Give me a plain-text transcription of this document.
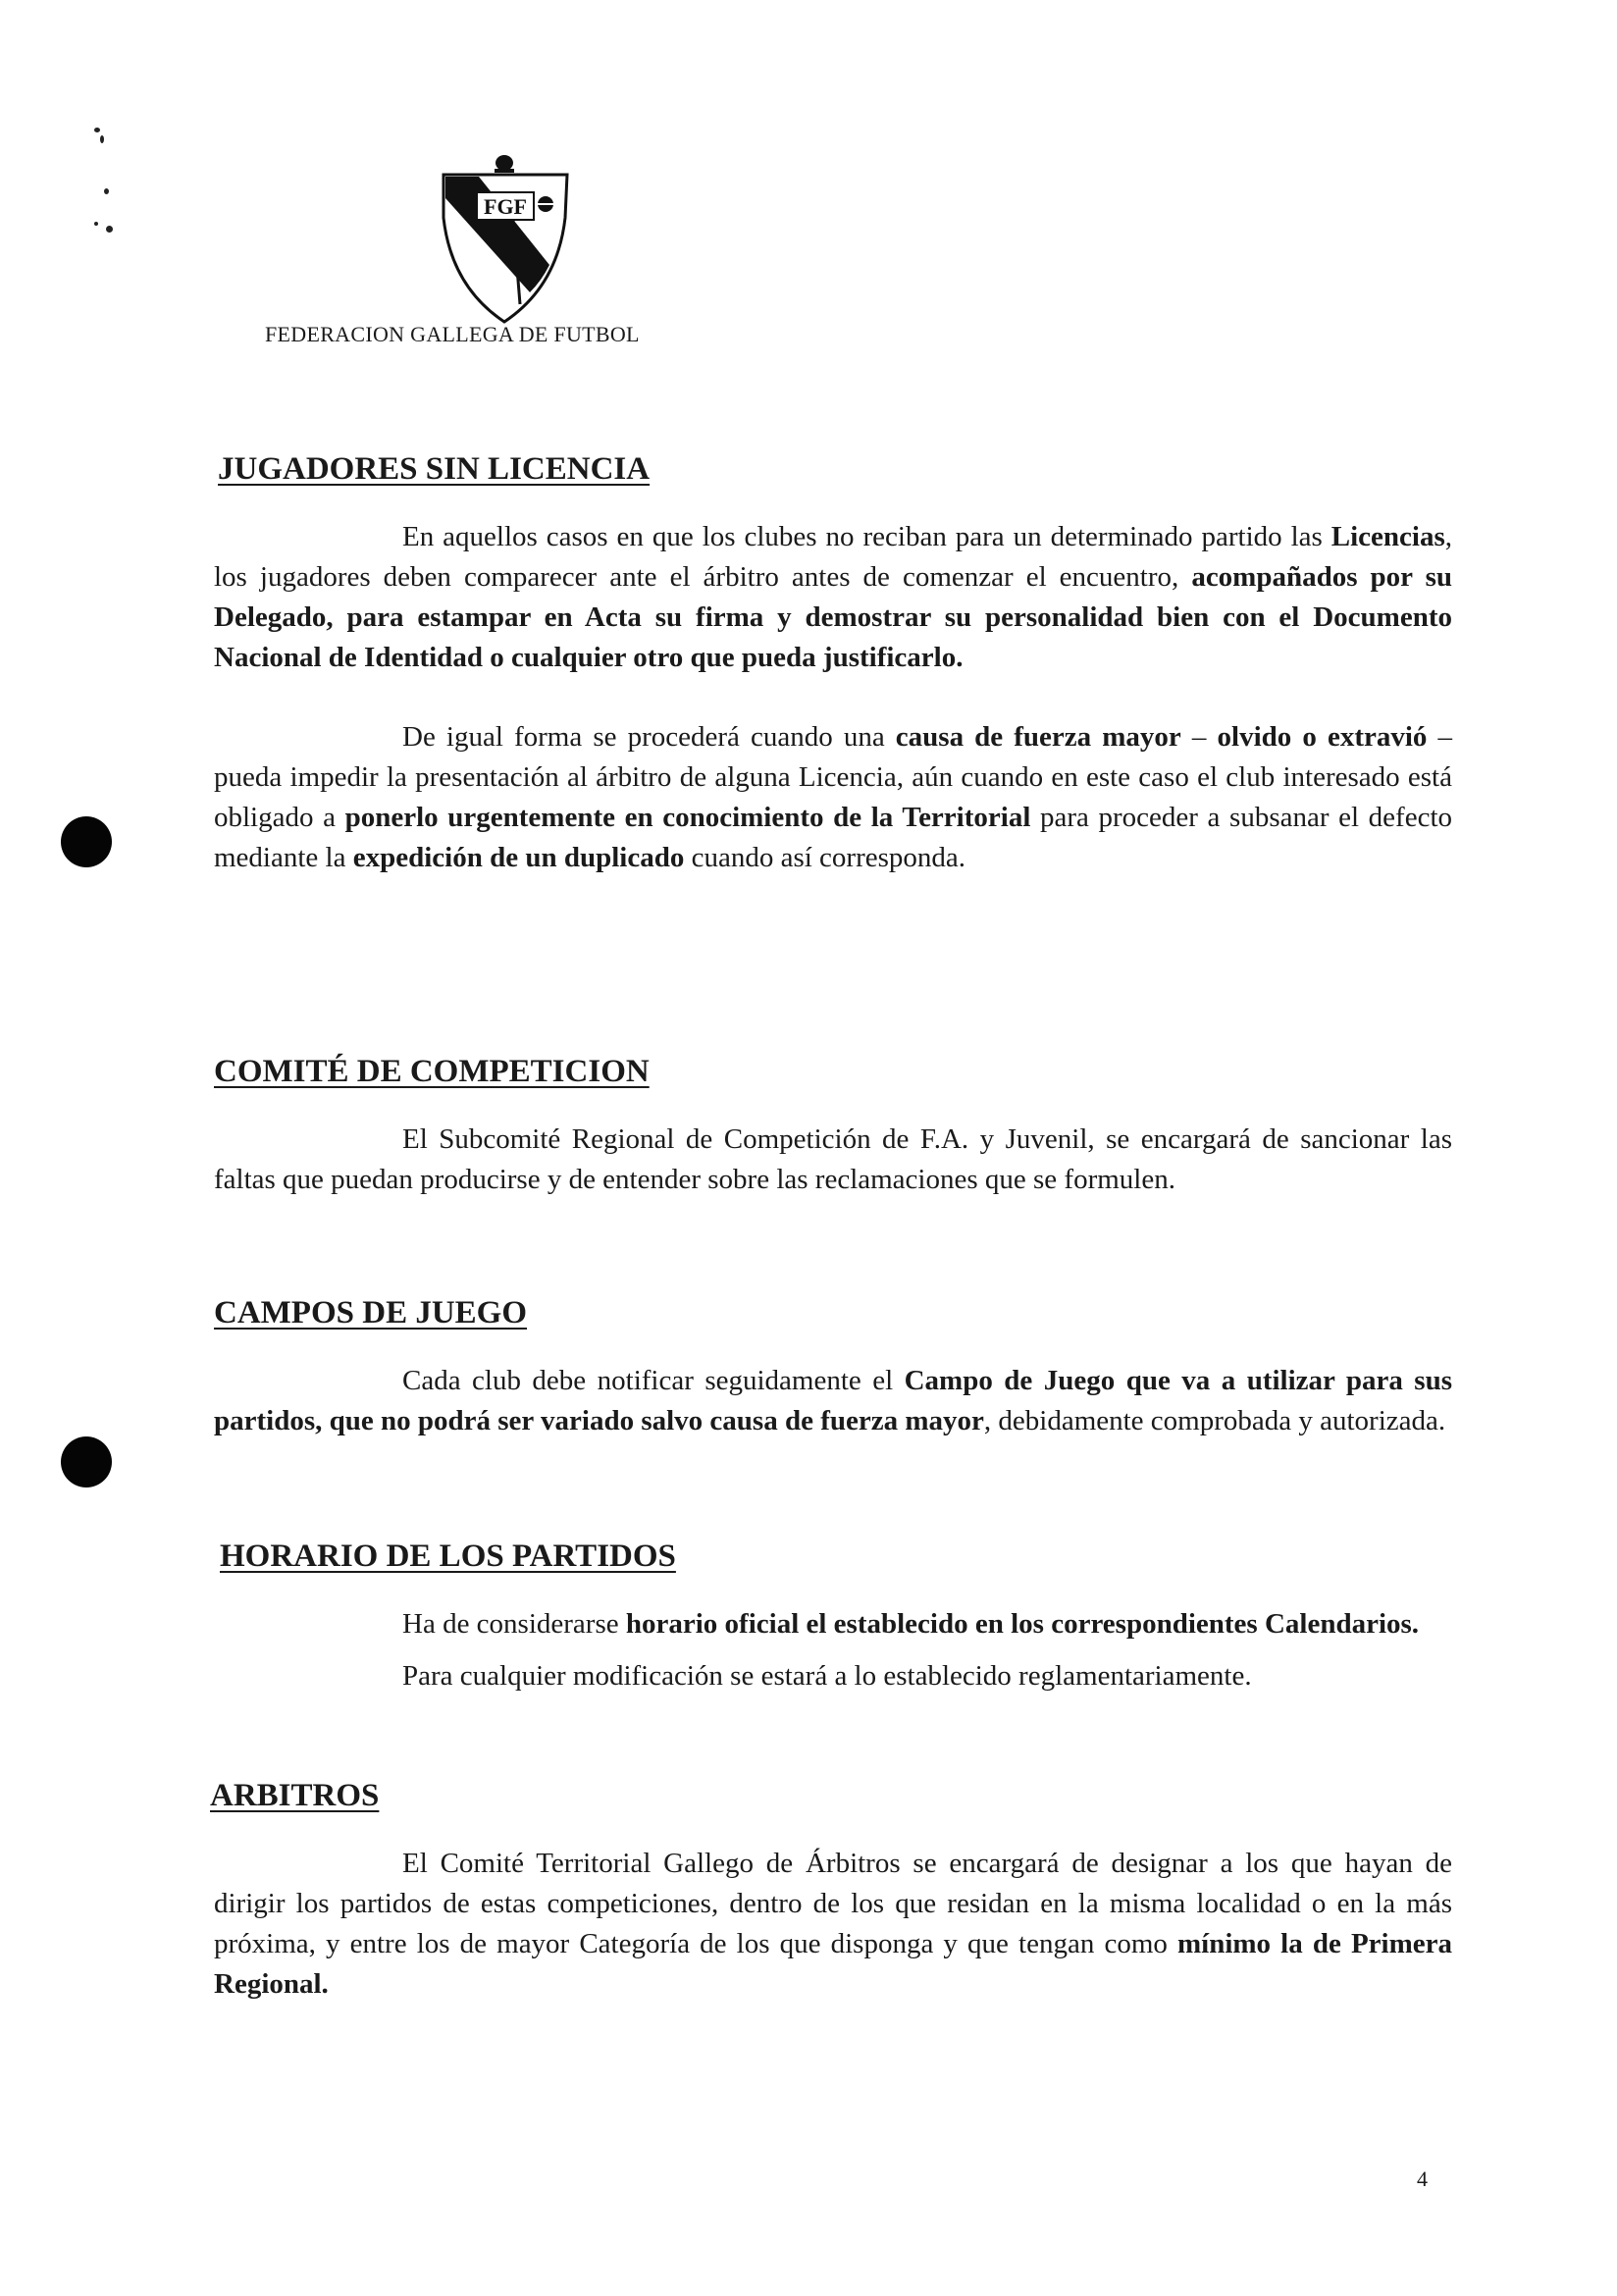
FGF
FEDERACION GALLEGA DE FUTBOL
JUGADORES SIN LICENCIA

En aquellos casos en que los clubes no reciban para un determinado partido las Licencias, los jugadores deben comparecer ante el árbitro antes de comenzar el encuentro, acompañados por su Delegado, para estampar en Acta su firma y demostrar su personalidad bien con el Documento Nacional de Identidad o cualquier otro que pueda justificarlo.

De igual forma se procederá cuando una causa de fuerza mayor – olvido o extravió – pueda impedir la presentación al árbitro de alguna Licencia, aún cuando en este caso el club interesado está obligado a ponerlo urgentemente en conocimiento de la Territorial para proceder a subsanar el defecto mediante la expedición de un duplicado cuando así corresponda.

COMITÉ DE COMPETICION

El Subcomité Regional de Competición de F.A. y Juvenil, se encargará de sancionar las faltas que puedan producirse y de entender sobre las reclamaciones que se formulen.

CAMPOS DE JUEGO

Cada club debe notificar seguidamente el Campo de Juego que va a utilizar para sus partidos, que no podrá ser variado salvo causa de fuerza mayor, debidamente comprobada y autorizada.

HORARIO DE LOS PARTIDOS

Ha de considerarse horario oficial el establecido en los correspondientes Calendarios.

Para cualquier modificación se estará a lo establecido reglamentariamente.

ARBITROS

El Comité Territorial Gallego de Árbitros se encargará de designar a los que hayan de dirigir los partidos de estas competiciones, dentro de los que residan en la misma localidad o en la más próxima, y entre los de mayor Categoría de los que disponga y que tengan como mínimo la de Primera Regional.

4
